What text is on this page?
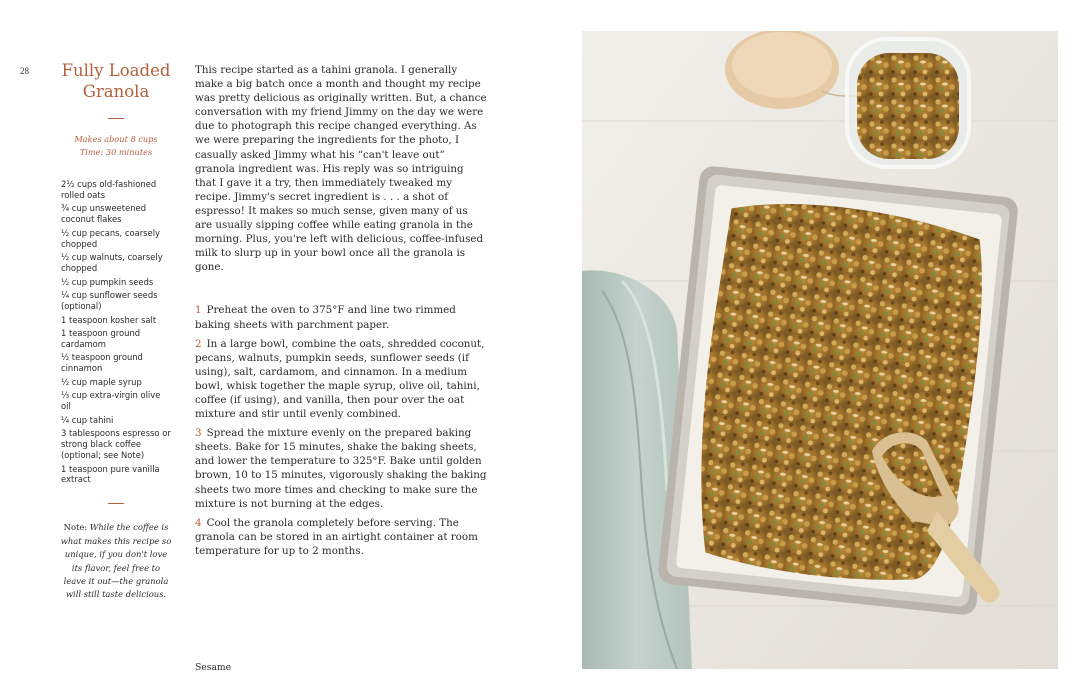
28 Fully Loaded
Granola
Makes about 8 cups
Time: 30 minutes
2½ cups old-fashioned rolled oats
¾ cup unsweetened coconut flakes
½ cup pecans, coarsely chopped
½ cup walnuts, coarsely chopped
½ cup pumpkin seeds
¼ cup sunflower seeds (optional)
1 teaspoon kosher salt
1 teaspoon ground cardamom
½ teaspoon ground cinnamon
½ cup maple syrup
⅓ cup extra-virgin olive oil
¼ cup tahini
3 tablespoons espresso or strong black coffee (optional; see Note)
1 teaspoon pure vanilla extract
Note: While the coffee is what makes this recipe so unique, if you don't love its flavor, feel free to leave it out—the granola will still taste delicious.

This recipe started as a tahini granola. I generally make a big batch once a month and thought my recipe was pretty delicious as originally written. But, a chance conversation with my friend Jimmy on the day we were due to photograph this recipe changed everything. As we were preparing the ingredients for the photo, I casually asked Jimmy what his “can't leave out” granola ingredient was. His reply was so intriguing that I gave it a try, then immediately tweaked my recipe. Jimmy's secret ingredient is . . . a shot of espresso! It makes so much sense, given many of us are usually sipping coffee while eating granola in the morning. Plus, you're left with delicious, coffee-infused milk to slurp up in your bowl once all the granola is gone.

1 Preheat the oven to 375°F and line two rimmed baking sheets with parchment paper.

2 In a large bowl, combine the oats, shredded coconut, pecans, walnuts, pumpkin seeds, sunflower seeds (if using), salt, cardamom, and cinnamon. In a medium bowl, whisk together the maple syrup, olive oil, tahini, coffee (if using), and vanilla, then pour over the oat mixture and stir until evenly combined.

3 Spread the mixture evenly on the prepared baking sheets. Bake for 15 minutes, shake the baking sheets, and lower the temperature to 325°F. Bake until golden brown, 10 to 15 minutes, vigorously shaking the baking sheets two more times and checking to make sure the mixture is not burning at the edges.

4 Cool the granola completely before serving. The granola can be stored in an airtight container at room temperature for up to 2 months.

Sesame
